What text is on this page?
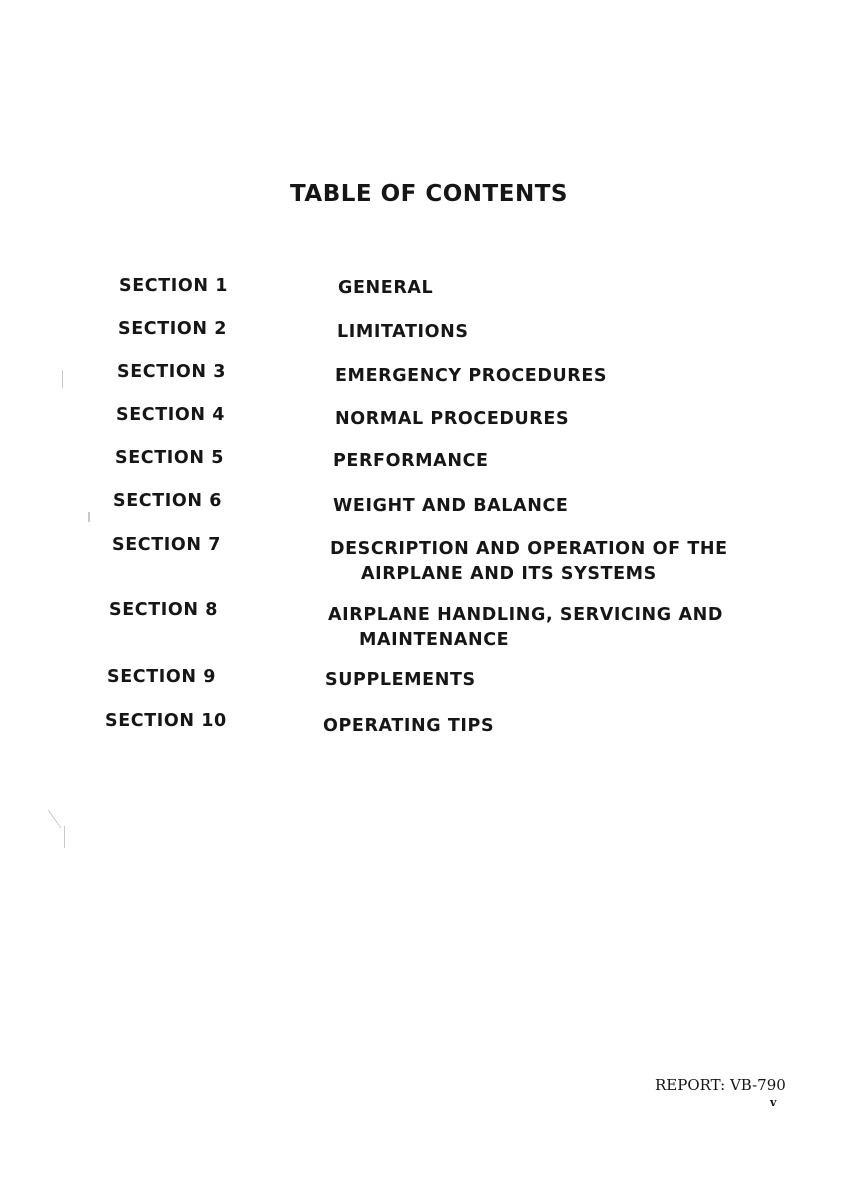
TABLE OF CONTENTS
SECTION 1	GENERAL
SECTION 2	LIMITATIONS
SECTION 3	EMERGENCY PROCEDURES
SECTION 4	NORMAL PROCEDURES
SECTION 5	PERFORMANCE
SECTION 6	WEIGHT AND BALANCE
SECTION 7	DESCRIPTION AND OPERATION OF THE
AIRPLANE AND ITS SYSTEMS
SECTION 8	AIRPLANE HANDLING, SERVICING AND
MAINTENANCE
SECTION 9	SUPPLEMENTS
SECTION 10	OPERATING TIPS
REPORT: VB-790
v
